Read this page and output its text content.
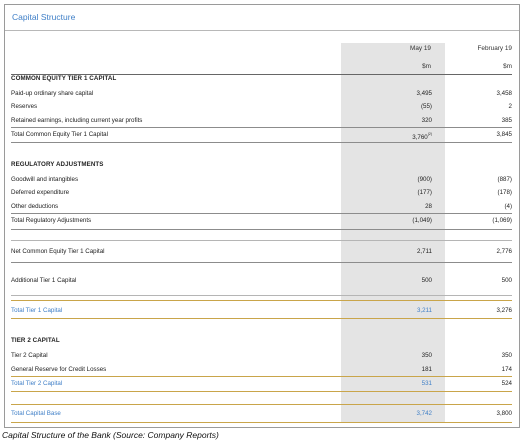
Capital Structure
May 19	February 19
$m	$m
COMMON EQUITY TIER 1 CAPITAL
Paid-up ordinary share capital	3,495	3,458
Reserves	(55)	2
Retained earnings, including current year profits	320	385
Total Common Equity Tier 1 Capital	3,760$^{(2)}$	3,845
REGULATORY ADJUSTMENTS
Goodwill and intangibles	(900)	(887)
Deferred expenditure	(177)	(178)
Other deductions	28	(4)
Total Regulatory Adjustments	(1,049)	(1,069)
Net Common Equity Tier 1 Capital	2,711	2,776
Additional Tier 1 Capital	500	500
Total Tier 1 Capital	3,211	3,276
TIER 2 CAPITAL
Tier 2 Capital	350	350
General Reserve for Credit Losses	181	174
Total Tier 2 Capital	531	524
Total Capital Base	3,742	3,800
Capital Structure of the Bank (Source: Company Reports)
